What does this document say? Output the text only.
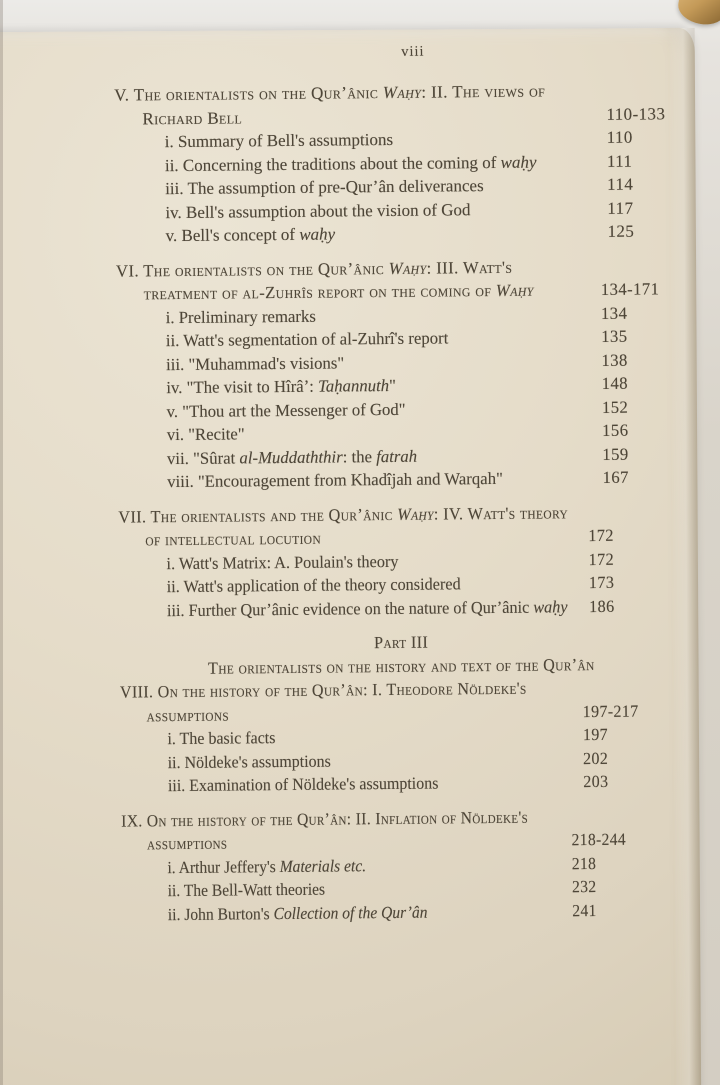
viii
V. The orientalists on the Qur’ânic Waḥy: II. The views of
Richard Bell	110-133
i. Summary of Bell's assumptions	110
ii. Concerning the traditions about the coming of waḥy	111
iii. The assumption of pre-Qur’ân deliverances	114
iv. Bell's assumption about the vision of God	117
v. Bell's concept of waḥy	125
VI. The orientalists on the Qur’ânic Waḥy: III. Watt's
treatment of al-Zuhrîs report on the coming of Waḥy	134-171
i. Preliminary remarks	134
ii. Watt's segmentation of al-Zuhrî's report	135
iii. "Muhammad's visions"	138
iv. "The visit to Hîrâ’: Taḥannuth"	148
v. "Thou art the Messenger of God"	152
vi. "Recite"	156
vii. "Sûrat al-Muddaththir: the fatrah	159
viii. "Encouragement from Khadîjah and Warqah"	167
VII. The orientalists and the Qur’ânic Waḥy: IV. Watt's theory
of intellectual locution	172
i. Watt's Matrix: A. Poulain's theory	172
ii. Watt's application of the theory considered	173
iii. Further Qur’ânic evidence on the nature of Qur’ânic waḥy 186
Part III
The orientalists on the history and text of the Qur’ân
VIII. On the history of the Qur’ân: I. Theodore Nöldeke's
assumptions	197-217
i. The basic facts	197
ii. Nöldeke's assumptions	202
iii. Examination of Nöldeke's assumptions	203
IX. On the history of the Qur’ân: II. Inflation of Nöldeke's
assumptions	218-244
i. Arthur Jeffery's Materials etc.	218
ii. The Bell-Watt theories	232
ii. John Burton's Collection of the Qur’ân	241
